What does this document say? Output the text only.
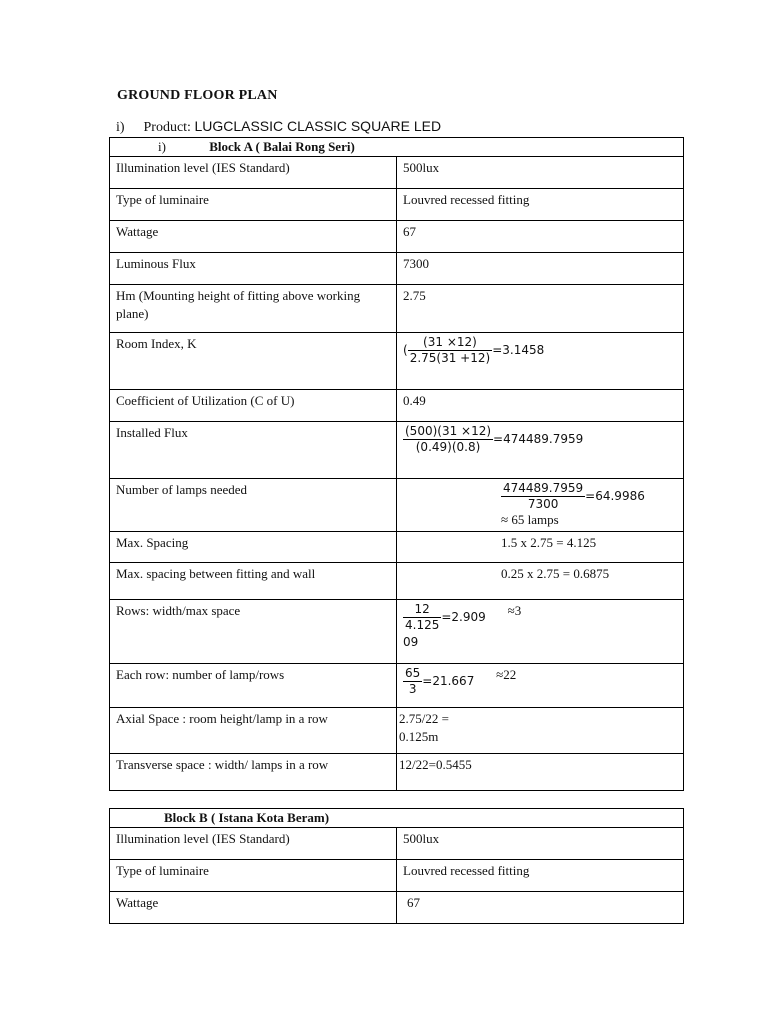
GROUND FLOOR PLAN
i) Product: LUGCLASSIC CLASSIC SQUARE LED
i) Block A ( Balai Rong Seri)	
Illumination level (IES Standard)	500lux
Type of luminaire	Louvred recessed fitting
Wattage	67
Luminous Flux	7300
Hm (Mounting height of fitting above working plane)	2.75
Room Index, K	( $\frac{(31 \times 12)}{2.75(31 +12)} =3.1458$
Coefficient of Utilization (C of U)	0.49
Installed Flux	$\frac{(500)(31 \times 12)}{(0.49)(0.8)} =474489.7959$
Number of lamps needed	$\frac{474489.7959}{7300} =64.9986$
≈ 65 lamps

Max. Spacing	1.5 x 2.75 = 4.125
Max. spacing between fitting and wall	0.25 x 2.75 = 0.6875
Rows: width/max space	$\frac{12}{4.125} =2.909 \approx 3$
09

Each row: number of lamp/rows	$\frac{65}{3} =21.667 \approx 22$
Axial Space : room height/lamp in a row	2.75/22 = 0.125m

Transverse space : width/ lamps in a row	12/22=0.5455
Block B ( Istana Kota Beram)	
Illumination level (IES Standard)	500lux
Type of luminaire	Louvred recessed fitting
Wattage	67
